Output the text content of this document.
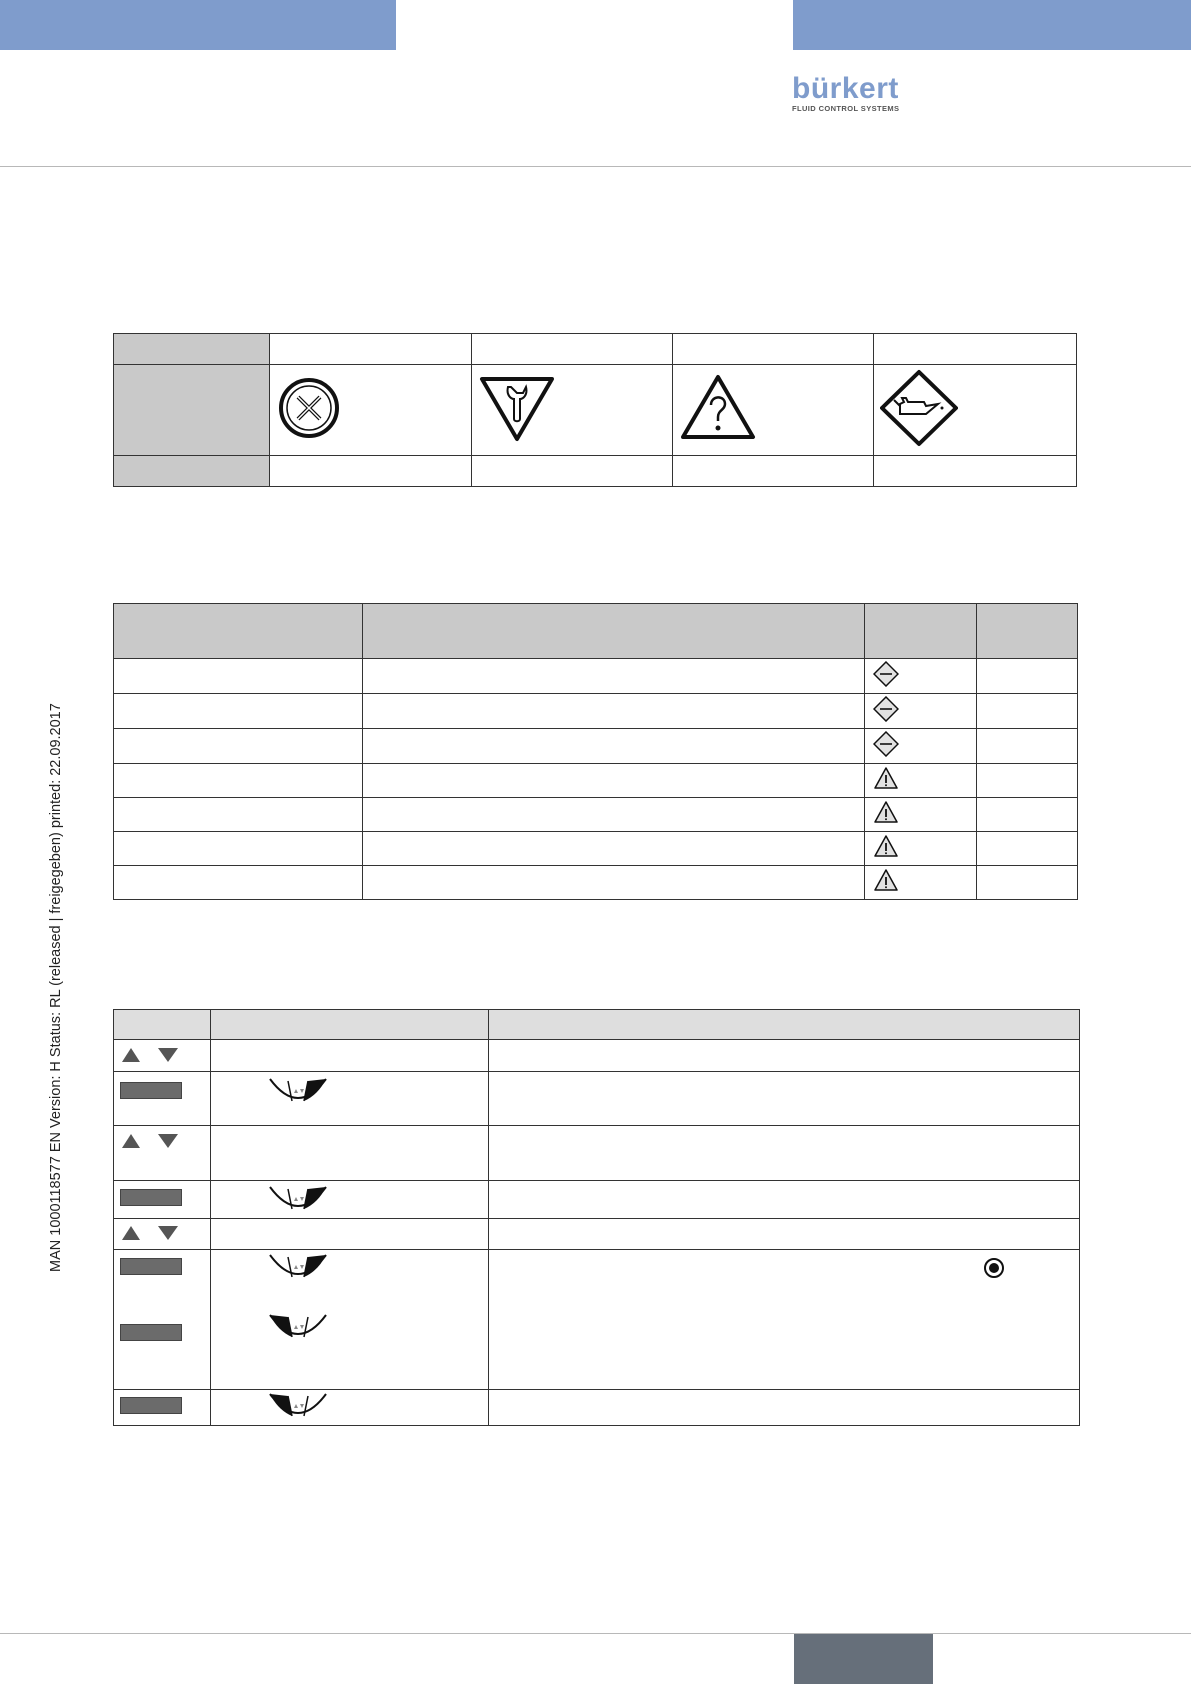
bürkert
FLUID CONTROL SYSTEMS
MAN 1000118577 EN Version: H Status: RL (released | freigegeben) printed: 22.09.2017
